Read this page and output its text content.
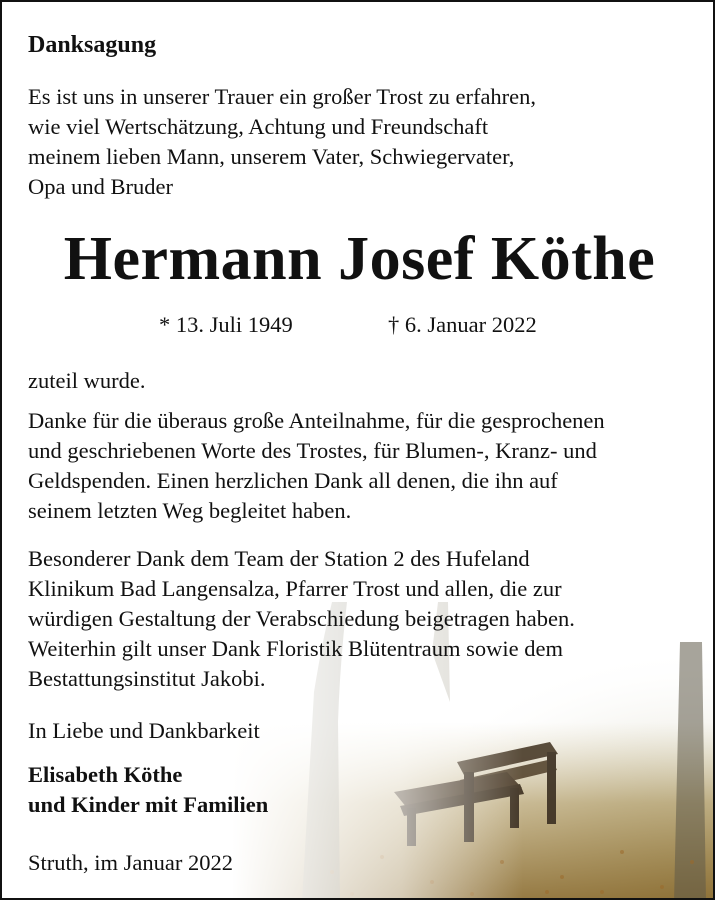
Danksagung
Es ist uns in unserer Trauer ein großer Trost zu erfahren,
wie viel Wertschätzung, Achtung und Freundschaft
meinem lieben Mann, unserem Vater, Schwiegervater,
Opa und Bruder
Hermann Josef Köthe
* 13. Juli 1949	† 6. Januar 2022
zuteil wurde.
Danke für die überaus große Anteilnahme, für die gesprochenen
und geschriebenen Worte des Trostes, für Blumen-, Kranz- und
Geldspenden. Einen herzlichen Dank all denen, die ihn auf
seinem letzten Weg begleitet haben.
Besonderer Dank dem Team der Station 2 des Hufeland
Klinikum Bad Langensalza, Pfarrer Trost und allen, die zur
würdigen Gestaltung der Verabschiedung beigetragen haben.
Weiterhin gilt unser Dank Floristik Blütentraum sowie dem
Bestattungsinstitut Jakobi.
In Liebe und Dankbarkeit
Elisabeth Köthe
und Kinder mit Familien
Struth, im Januar 2022
